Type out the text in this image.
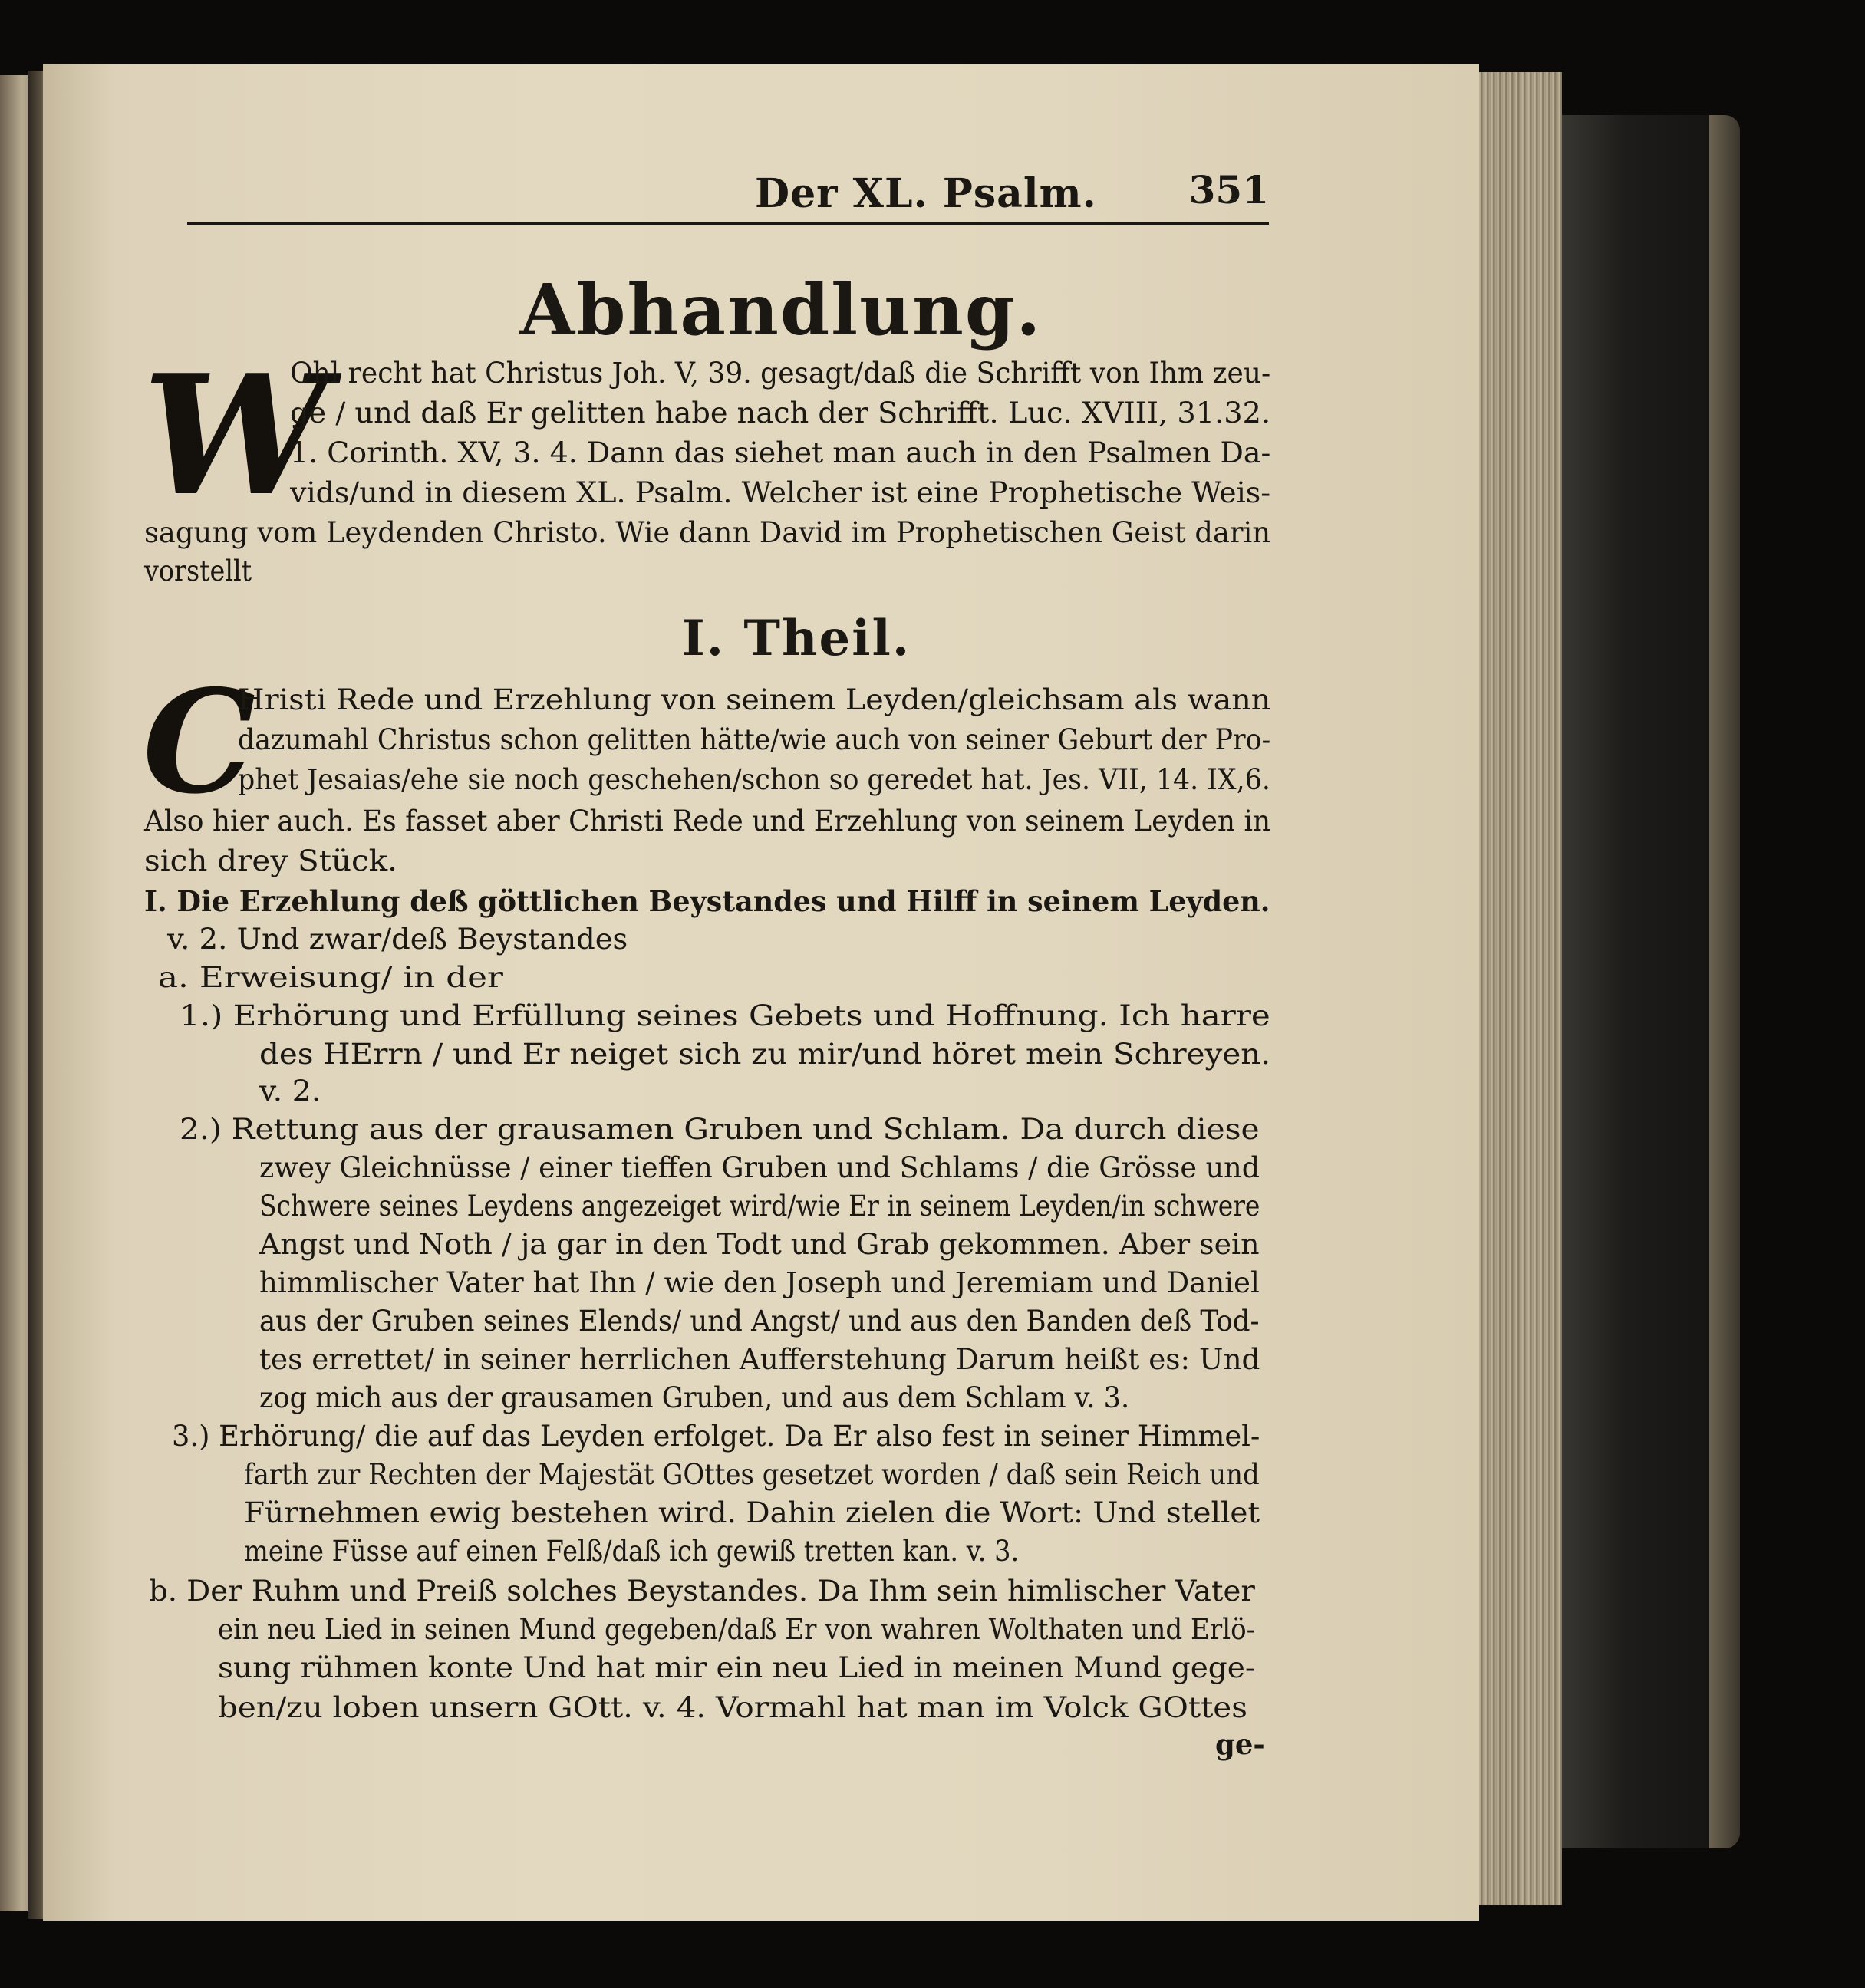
Der XL. Psalm. 351
Abhandlung.
W
Ohl recht hat Christus Joh. V, 39. gesagt/daß die Schrifft von Ihm zeu-
ge / und daß Er gelitten habe nach der Schrifft. Luc. XVIII, 31.32.
1. Corinth. XV, 3. 4. Dann das siehet man auch in den Psalmen Da-
vids/und in diesem XL. Psalm. Welcher ist eine Prophetische Weis-
sagung vom Leydenden Christo. Wie dann David im Prophetischen Geist darin
vorstellt
I. Theil.
C
Hristi Rede und Erzehlung von seinem Leyden/gleichsam als wann
dazumahl Christus schon gelitten hätte/wie auch von seiner Geburt der Pro-
phet Jesaias/ehe sie noch geschehen/schon so geredet hat. Jes. VII, 14. IX,6.
Also hier auch. Es fasset aber Christi Rede und Erzehlung von seinem Leyden in
sich drey Stück.
I. Die Erzehlung deß göttlichen Beystandes und Hilff in seinem Leyden.
v. 2. Und zwar/deß Beystandes
a. Erweisung/ in der
1.) Erhörung und Erfüllung seines Gebets und Hoffnung. Ich harre
des HErrn / und Er neiget sich zu mir/und höret mein Schreyen.
v. 2.
2.) Rettung aus der grausamen Gruben und Schlam. Da durch diese
zwey Gleichnüsse / einer tieffen Gruben und Schlams / die Grösse und
Schwere seines Leydens angezeiget wird/wie Er in seinem Leyden/in schwere
Angst und Noth / ja gar in den Todt und Grab gekommen. Aber sein
himmlischer Vater hat Ihn / wie den Joseph und Jeremiam und Daniel
aus der Gruben seines Elends/ und Angst/ und aus den Banden deß Tod-
tes errettet/ in seiner herrlichen Aufferstehung Darum heißt es: Und
zog mich aus der grausamen Gruben, und aus dem Schlam v. 3.
3.) Erhörung/ die auf das Leyden erfolget. Da Er also fest in seiner Himmel-
farth zur Rechten der Majestät GOttes gesetzet worden / daß sein Reich und
Fürnehmen ewig bestehen wird. Dahin zielen die Wort: Und stellet
meine Füsse auf einen Felß/daß ich gewiß tretten kan. v. 3.
b. Der Ruhm und Preiß solches Beystandes. Da Ihm sein himlischer Vater
ein neu Lied in seinen Mund gegeben/daß Er von wahren Wolthaten und Erlö-
sung rühmen konte Und hat mir ein neu Lied in meinen Mund gege-
ben/zu loben unsern GOtt. v. 4. Vormahl hat man im Volck GOttes
ge-
